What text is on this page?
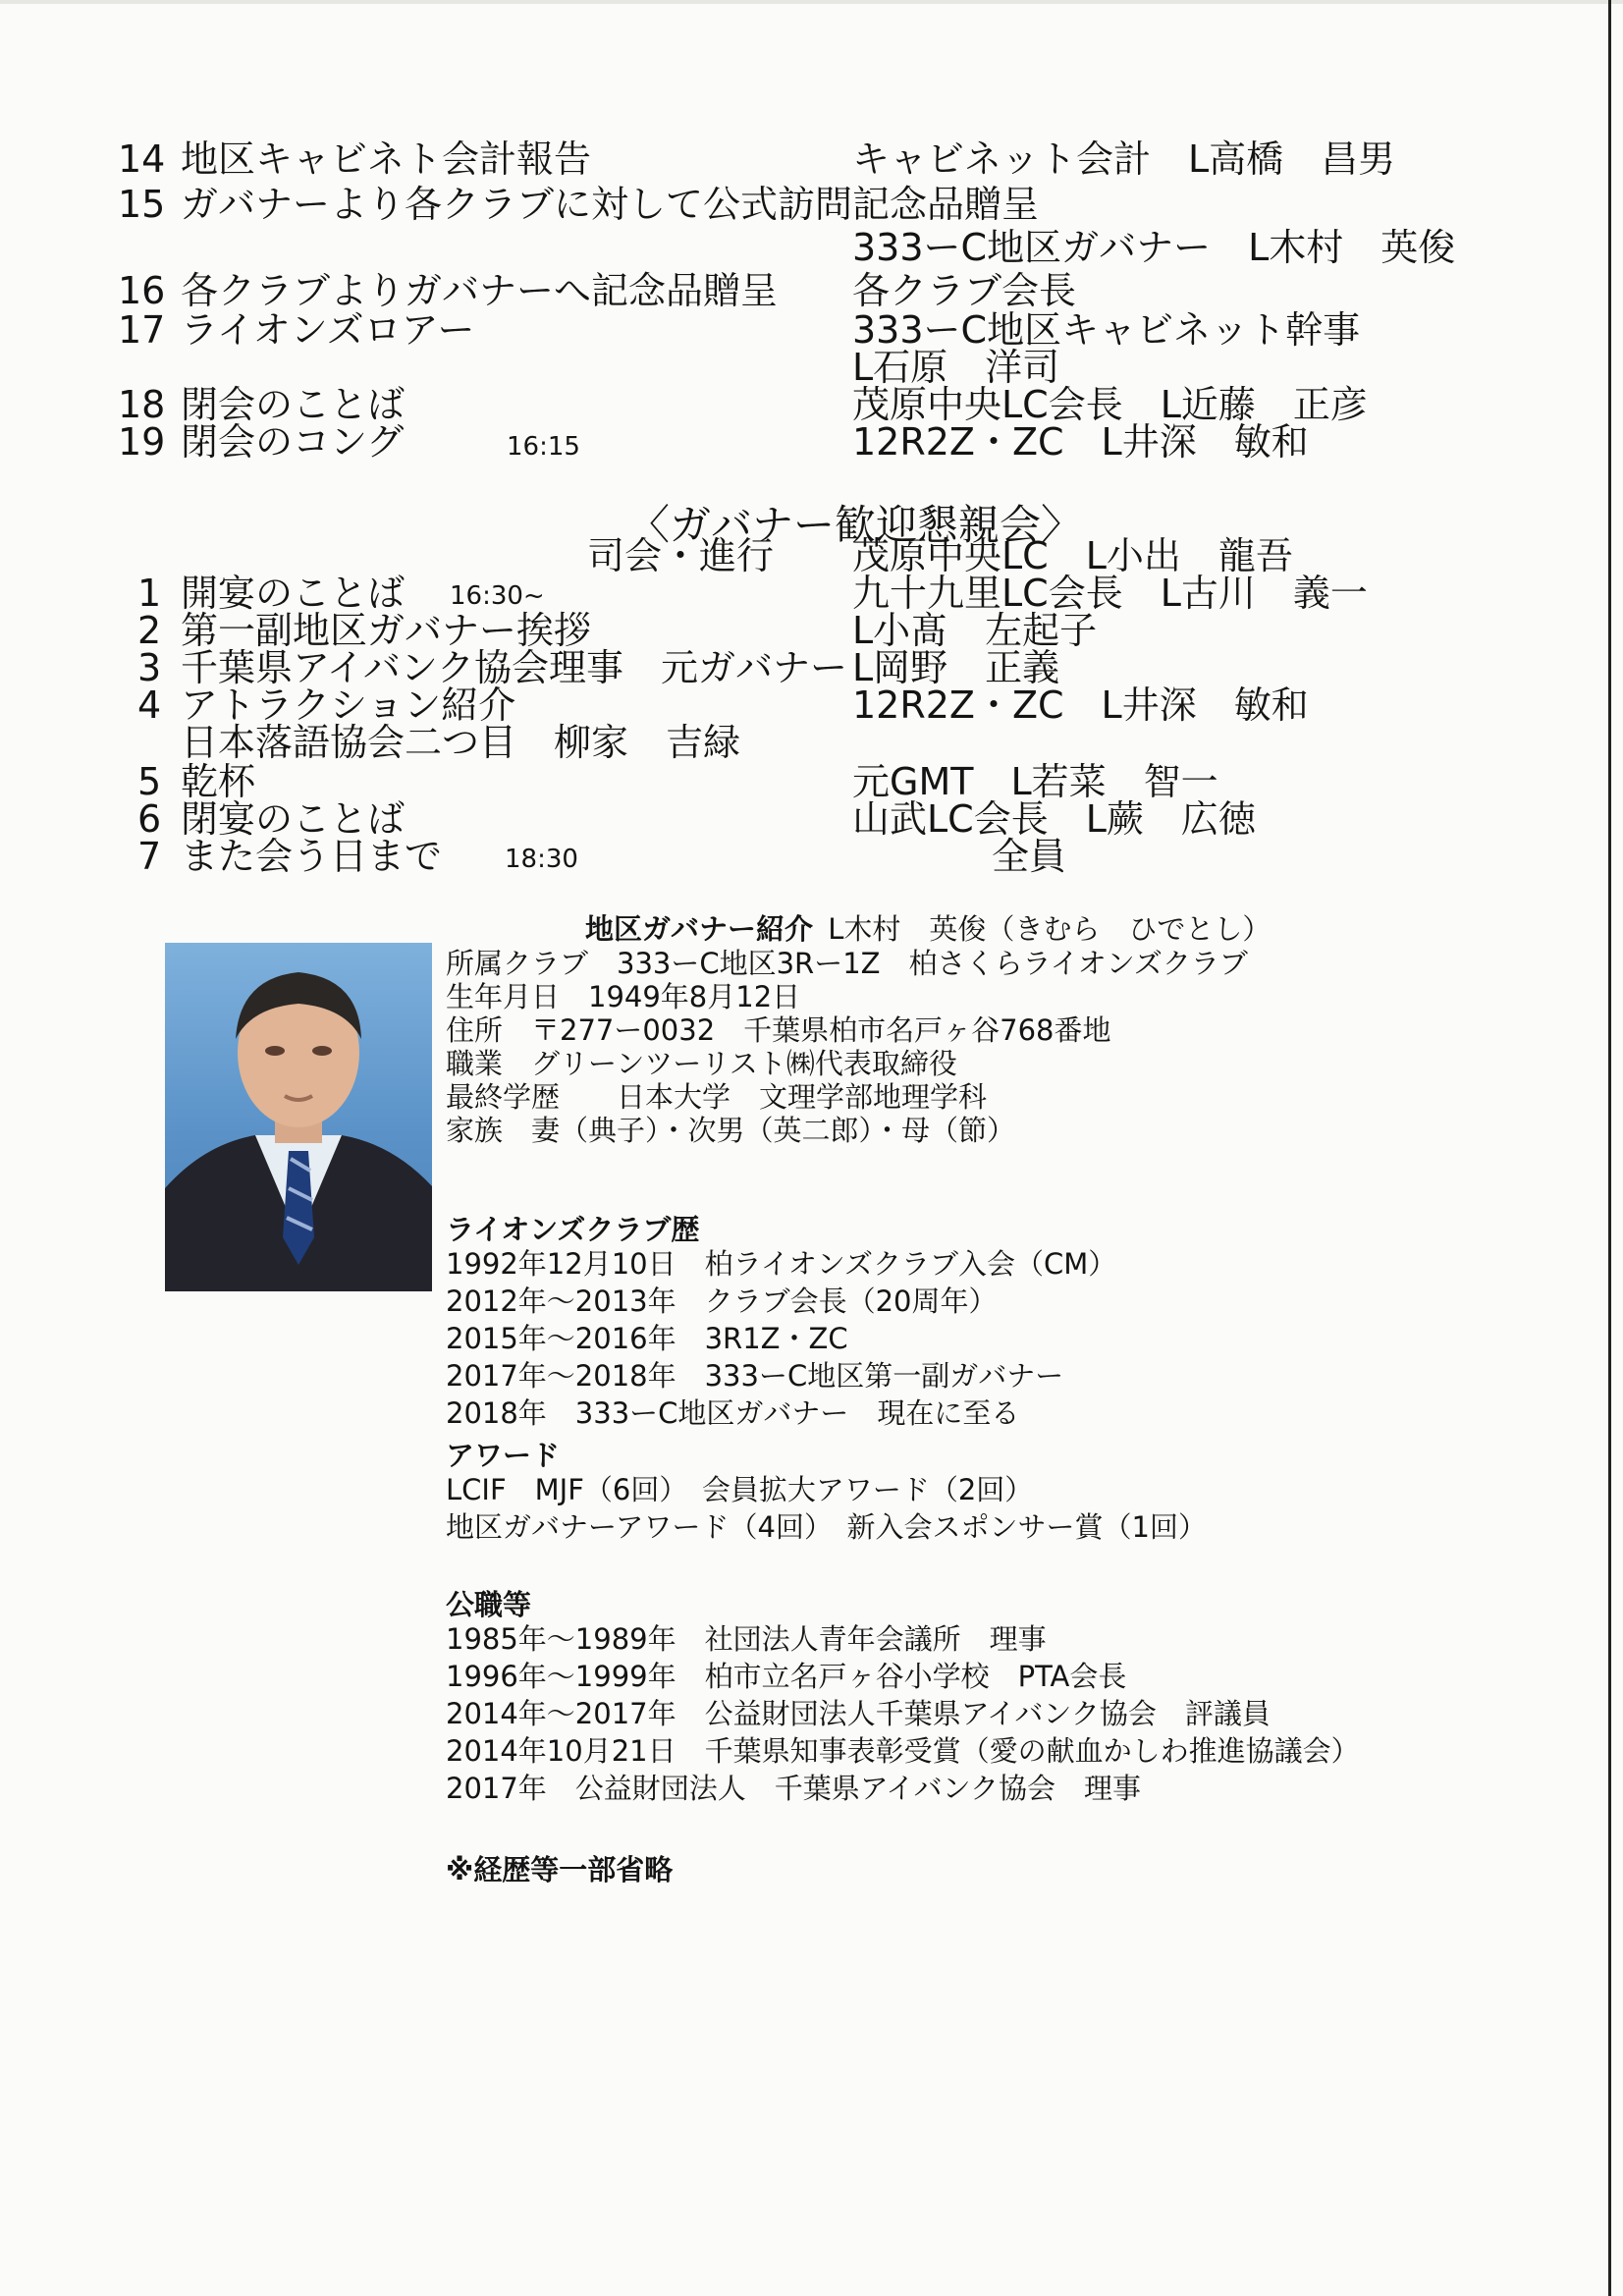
14 地区キャビネト会計報告	キャビネット会計　L高橋　昌男
15 ガバナーより各クラブに対して公式訪問記念品贈呈
333ーC地区ガバナー　L木村　英俊
16 各クラブよりガバナーへ記念品贈呈 各クラブ会長
17 ライオンズロアー	333ーC地区キャビネット幹事
L石原　洋司
18 閉会のことば	茂原中央LC会長　L近藤　正彦
19 閉会のコング	16:15	12R2Z・ZC　L井深　敏和
〈ガバナー歓迎懇親会〉
司会・進行 茂原中央LC　L小出　龍吾
1 開宴のことば 16:30~	九十九里LC会長　L古川　義一
2 第一副地区ガバナー挨拶	L小髙　左起子
3 千葉県アイバンク協会理事　元ガバナー L岡野　正義
4 アトラクション紹介	12R2Z・ZC　L井深　敏和
日本落語協会二つ目　柳家　吉緑
5 乾杯	元GMT　L若菜　智一
6 閉宴のことば	山武LC会長　L蕨　広徳
7 また会う日まで 18:30	全員
地区ガバナー紹介 L木村　英俊（きむら　ひでとし）
所属クラブ　333ーC地区3Rー1Z　柏さくらライオンズクラブ
生年月日　1949年8月12日
住所　〒277ー0032　千葉県柏市名戸ヶ谷768番地
職業　グリーンツーリスト㈱代表取締役
最終学歴　　日本大学　文理学部地理学科
家族　妻（典子）・次男（英二郎）・母（節）
ライオンズクラブ歴
1992年12月10日　柏ライオンズクラブ入会（CM）
2012年～2013年　クラブ会長（20周年）
2015年～2016年　3R1Z・ZC
2017年～2018年　333ーC地区第一副ガバナー
2018年　333ーC地区ガバナー　現在に至る
アワード
LCIF　MJF（6回）　会員拡大アワード（2回）
地区ガバナーアワード（4回）　新入会スポンサー賞（1回）
公職等
1985年～1989年　社団法人青年会議所　理事
1996年～1999年　柏市立名戸ヶ谷小学校　PTA会長
2014年～2017年　公益財団法人千葉県アイバンク協会　評議員
2014年10月21日　千葉県知事表彰受賞（愛の献血かしわ推進協議会）
2017年　公益財団法人　千葉県アイバンク協会　理事
※経歴等一部省略
